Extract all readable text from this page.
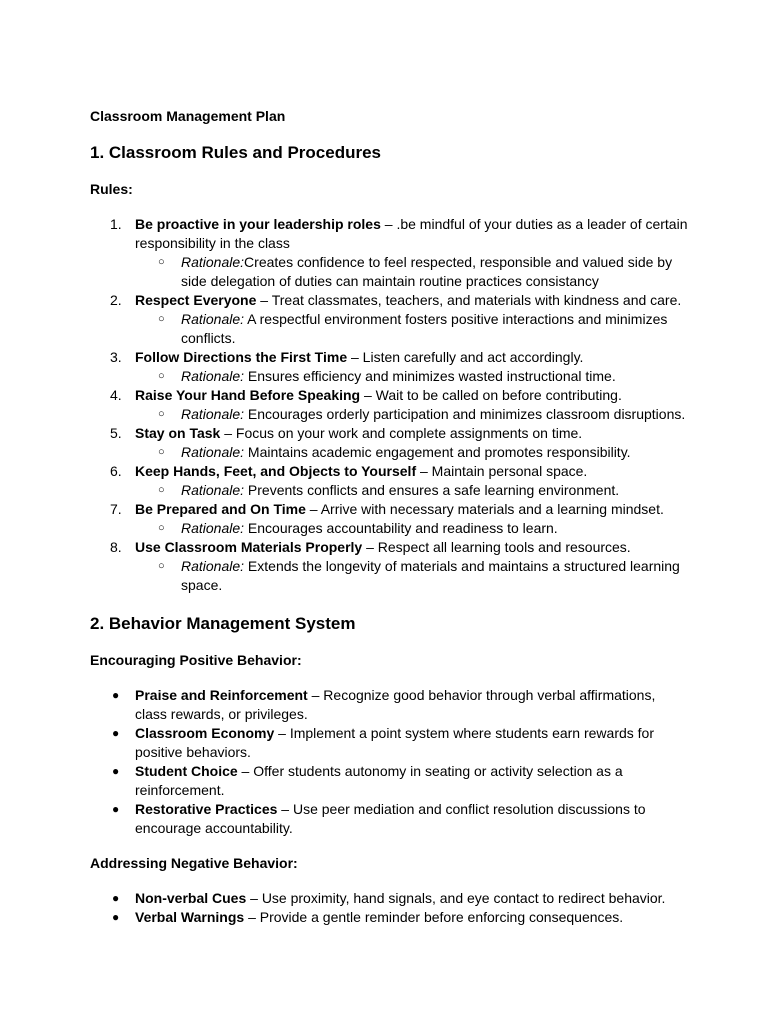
Classroom Management Plan

1. Classroom Rules and Procedures

Rules:

1. Be proactive in your leadership roles – .be mindful of your duties as a leader of certain responsibility in the class
○ Rationale:Creates confidence to feel respected, responsible and valued side by side delegation of duties can maintain routine practices consistancy
2. Respect Everyone – Treat classmates, teachers, and materials with kindness and care.
○ Rationale: A respectful environment fosters positive interactions and minimizes conflicts.
3. Follow Directions the First Time – Listen carefully and act accordingly.
○ Rationale: Ensures efficiency and minimizes wasted instructional time.
4. Raise Your Hand Before Speaking – Wait to be called on before contributing.
○ Rationale: Encourages orderly participation and minimizes classroom disruptions.
5. Stay on Task – Focus on your work and complete assignments on time.
○ Rationale: Maintains academic engagement and promotes responsibility.
6. Keep Hands, Feet, and Objects to Yourself – Maintain personal space.
○ Rationale: Prevents conflicts and ensures a safe learning environment.
7. Be Prepared and On Time – Arrive with necessary materials and a learning mindset.
○ Rationale: Encourages accountability and readiness to learn.
8. Use Classroom Materials Properly – Respect all learning tools and resources.
○ Rationale: Extends the longevity of materials and maintains a structured learning space.

2. Behavior Management System

Encouraging Positive Behavior:

● Praise and Reinforcement – Recognize good behavior through verbal affirmations, class rewards, or privileges.
● Classroom Economy – Implement a point system where students earn rewards for positive behaviors.
● Student Choice – Offer students autonomy in seating or activity selection as a reinforcement.
● Restorative Practices – Use peer mediation and conflict resolution discussions to encourage accountability.

Addressing Negative Behavior:

● Non-verbal Cues – Use proximity, hand signals, and eye contact to redirect behavior.
● Verbal Warnings – Provide a gentle reminder before enforcing consequences.
